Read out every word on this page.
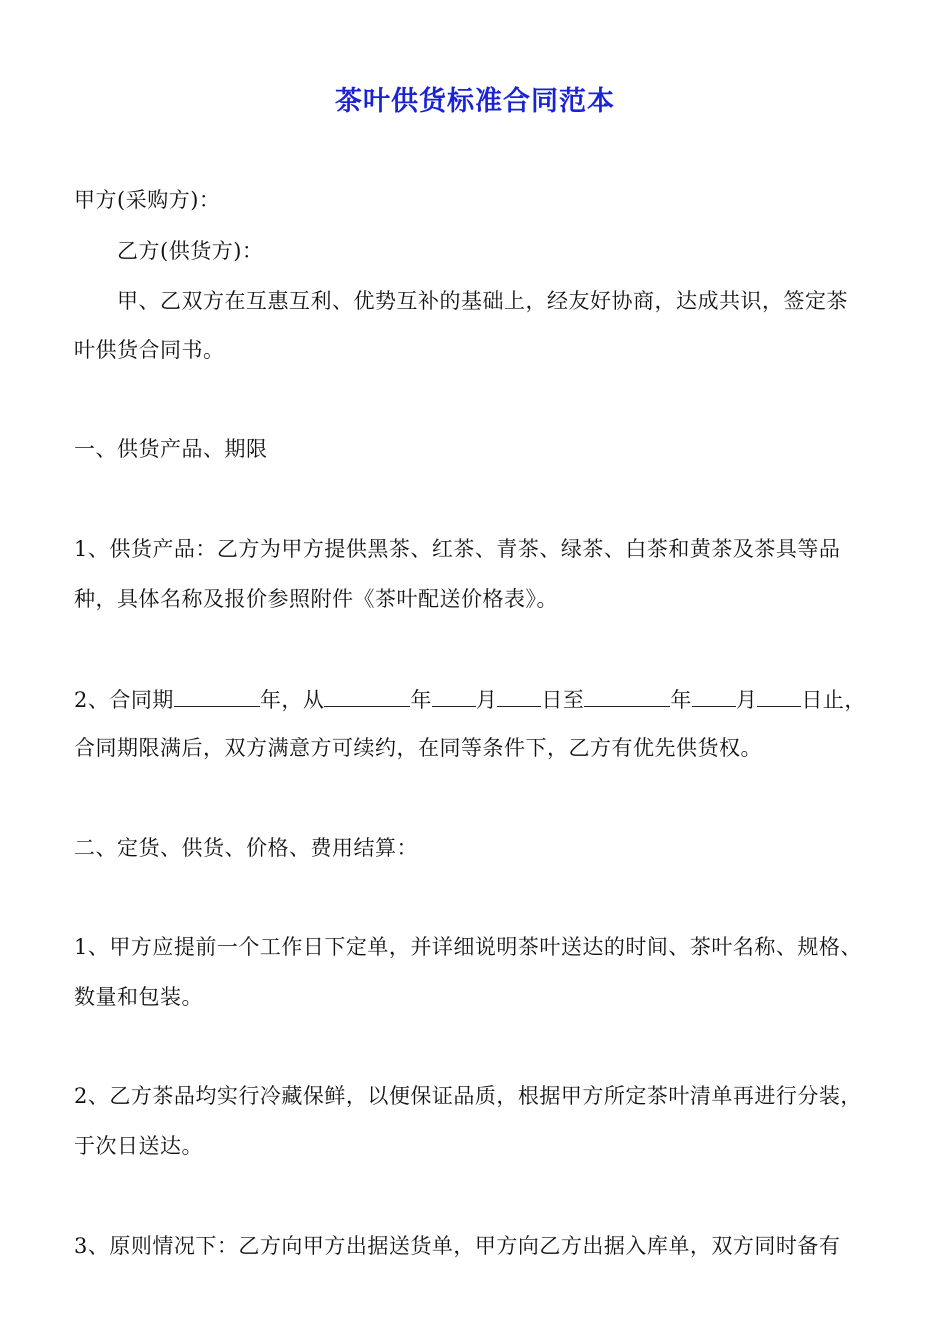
茶叶供货标准合同范本
甲方(采购方)：
乙方(供货方)：
甲、乙双方在互惠互利、优势互补的基础上，经友好协商，达成共识，签定茶
叶供货合同书。
一、供货产品、期限
1、供货产品：乙方为甲方提供黑茶、红茶、青茶、绿茶、白茶和黄茶及茶具等品
种，具体名称及报价参照附件《茶叶配送价格表》。
2、合同期	年，从	年 月 日至	年 月 日止，
合同期限满后，双方满意方可续约，在同等条件下，乙方有优先供货权。
二、定货、供货、价格、费用结算：
1、甲方应提前一个工作日下定单，并详细说明茶叶送达的时间、茶叶名称、规格、
数量和包装。
2、乙方茶品均实行冷藏保鲜，以便保证品质，根据甲方所定茶叶清单再进行分装，
于次日送达。
3、原则情况下：乙方向甲方出据送货单，甲方向乙方出据入库单，双方同时备有
